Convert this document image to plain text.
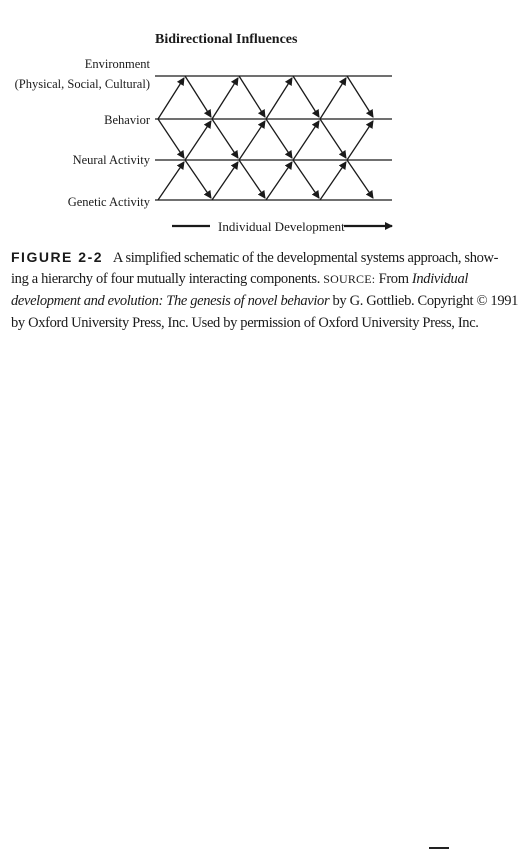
Bidirectional Influences
Environment
(Physical, Social, Cultural)
Behavior
Neural Activity
Genetic Activity
Individual Development
FIGURE 2-2 A simplified schematic of the developmental systems approach, show-
ing a hierarchy of four mutually interacting components. SOURCE: From Individual
development and evolution: The genesis of novel behavior by G. Gottlieb. Copyright © 1991
by Oxford University Press, Inc. Used by permission of Oxford University Press, Inc.
